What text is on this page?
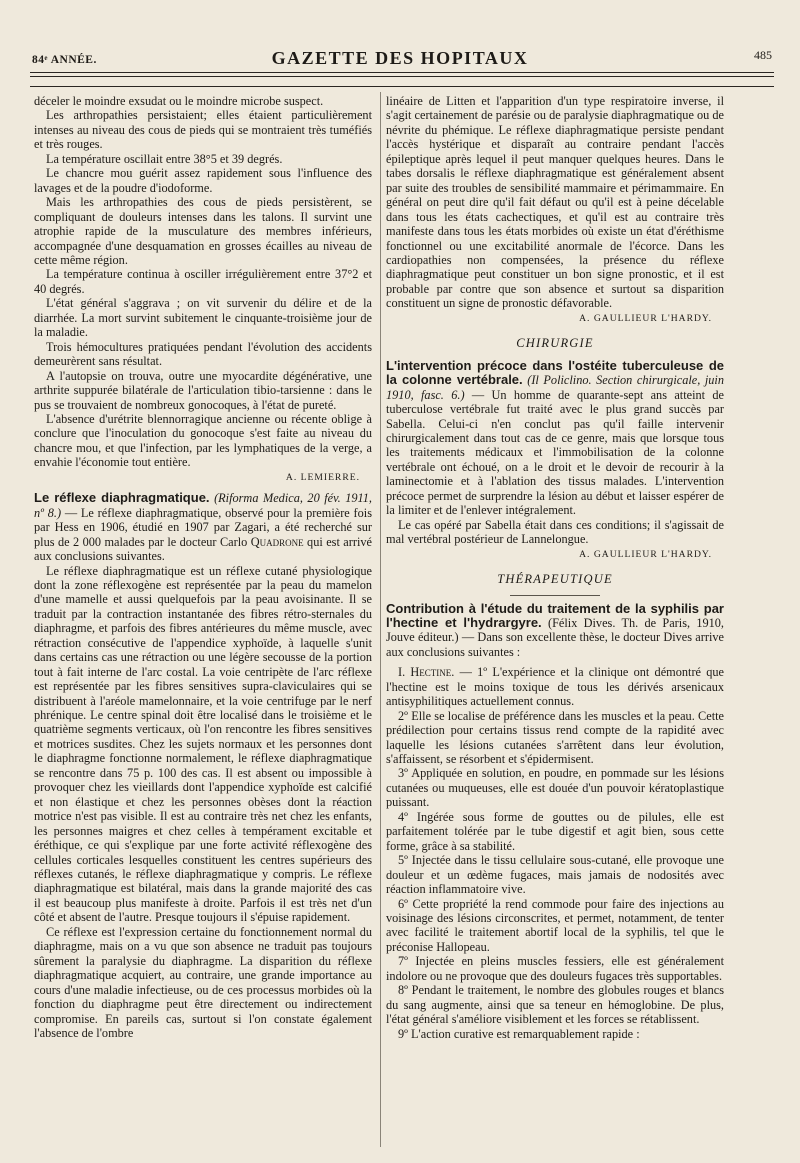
84ᵉ ANNÉE.	GAZETTE DES HOPITAUX	485

déceler le moindre exsudat ou le moindre microbe suspect.

Les arthropathies persistaient; elles étaient particulièrement intenses au niveau des cous de pieds qui se montraient très tuméfiés et très rouges.

La température oscillait entre 38°5 et 39 degrés.

Le chancre mou guérit assez rapidement sous l'influence des lavages et de la poudre d'iodoforme.

Mais les arthropathies des cous de pieds persistèrent, se compliquant de douleurs intenses dans les talons. Il survint une atrophie rapide de la musculature des membres inférieurs, accompagnée d'une desquamation en grosses écailles au niveau de cette même région.

La température continua à osciller irrégulièrement entre 37°2 et 40 degrés.

L'état général s'aggrava ; on vit survenir du délire et de la diarrhée. La mort survint subitement le cinquante-troisième jour de la maladie.

Trois hémocultures pratiquées pendant l'évolution des accidents demeurèrent sans résultat.

A l'autopsie on trouva, outre une myocardite dégénérative, une arthrite suppurée bilatérale de l'articulation tibio-tarsienne : dans le pus se trouvaient de nombreux gonocoques, à l'état de pureté.

L'absence d'urétrite blennorragique ancienne ou récente oblige à conclure que l'inoculation du gonocoque s'est faite au niveau du chancre mou, et que l'infection, par les lymphatiques de la verge, a envahie l'économie tout entière.

A. LEMIERRE.

Le réflexe diaphragmatique. (Riforma Medica, 20 fév. 1911, nº 8.) — Le réflexe diaphragmatique, observé pour la première fois par Hess en 1906, étudié en 1907 par Zagari, a été recherché sur plus de 2 000 malades par le docteur Carlo Quadrone qui est arrivé aux conclusions suivantes.

Le réflexe diaphragmatique est un réflexe cutané physiologique dont la zone réflexogène est représentée par la peau du mamelon d'une mamelle et aussi quelquefois par la peau avoisinante. Il se traduit par la contraction instantanée des fibres rétro-sternales du diaphragme, et parfois des fibres antérieures du même muscle, avec rétraction consécutive de l'appendice xyphoïde, à laquelle s'unit dans certains cas une rétraction ou une légère secousse de la portion tout à fait interne de l'arc costal. La voie centripète de l'arc réflexe est représentée par les fibres sensitives supra-claviculaires qui se distribuent à l'aréole mamelonnaire, et la voie centrifuge par le nerf phrénique. Le centre spinal doit être localisé dans le troisième et le quatrième segments verticaux, où l'on rencontre les fibres sensitives et motrices susdites. Chez les sujets normaux et les personnes dont le diaphragme fonctionne normalement, le réflexe diaphragmatique se rencontre dans 75 p. 100 des cas. Il est absent ou impossible à provoquer chez les vieillards dont l'appendice xyphoïde est calcifié et non élastique et chez les personnes obèses dont la réaction motrice n'est pas visible. Il est au contraire très net chez les enfants, les personnes maigres et chez celles à tempérament excitable et éréthique, ce qui s'explique par une forte activité réflexogène des cellules corticales lesquelles constituent les centres supérieurs des réflexes cutanés, le réflexe diaphragmatique y compris. Le réflexe diaphragmatique est bilatéral, mais dans la grande majorité des cas il est beaucoup plus manifeste à droite. Parfois il est très net d'un côté et absent de l'autre. Presque toujours il s'épuise rapidement.

Ce réflexe est l'expression certaine du fonctionnement normal du diaphragme, mais on a vu que son absence ne traduit pas toujours sûrement la paralysie du diaphragme. La disparition du réflexe diaphragmatique acquiert, au contraire, une grande importance au cours d'une maladie infectieuse, ou de ces processus morbides où la fonction du diaphragme peut être directement ou indirectement compromise. En pareils cas, surtout si l'on constate également l'absence de l'ombre

linéaire de Litten et l'apparition d'un type respiratoire inverse, il s'agit certainement de parésie ou de paralysie diaphragmatique ou de névrite du phémique. Le réflexe diaphragmatique persiste pendant l'accès hystérique et disparaît au contraire pendant l'accès épileptique après lequel il peut manquer quelques heures. Dans le tabes dorsalis le réflexe diaphragmatique est généralement absent par suite des troubles de sensibilité mammaire et périmammaire. En général on peut dire qu'il fait défaut ou qu'il est à peine décelable dans tous les états cachectiques, et qu'il est au contraire très manifeste dans tous les états morbides où existe un état d'éréthisme fonctionnel ou une excitabilité anormale de l'écorce. Dans les cardiopathies non compensées, la présence du réflexe diaphragmatique peut constituer un bon signe pronostic, et il est probable par contre que son absence et surtout sa disparition constituent un signe de pronostic défavorable.

A. GAULLIEUR L'HARDY.
CHIRURGIE

L'intervention précoce dans l'ostéite tuberculeuse de la colonne vertébrale. (Il Policlino. Section chirurgicale, juin 1910, fasc. 6.) — Un homme de quarante-sept ans atteint de tuberculose vertébrale fut traité avec le plus grand succès par Sabella. Celui-ci n'en conclut pas qu'il faille intervenir chirurgicalement dans tout cas de ce genre, mais que lorsque tous les traitements médicaux et l'immobilisation de la colonne vertébrale ont échoué, on a le droit et le devoir de recourir à la laminectomie et à l'ablation des tissus malades. L'intervention précoce permet de surprendre la lésion au début et laisser espérer de la limiter et de l'enlever intégralement.

Le cas opéré par Sabella était dans ces conditions; il s'agissait de mal vertébral postérieur de Lannelongue.

A. GAULLIEUR L'HARDY.
THÉRAPEUTIQUE

Contribution à l'étude du traitement de la syphilis par l'hectine et l'hydrargyre. (Félix Dives. Th. de Paris, 1910, Jouve éditeur.) — Dans son excellente thèse, le docteur Dives arrive aux conclusions suivantes :

I. Hectine. — 1º L'expérience et la clinique ont démontré que l'hectine est le moins toxique de tous les dérivés arsenicaux antisyphilitiques actuellement connus.

2º Elle se localise de préférence dans les muscles et la peau. Cette prédilection pour certains tissus rend compte de la rapidité avec laquelle les lésions cutanées s'arrêtent dans leur évolution, s'affaissent, se résorbent et s'épidermisent.

3º Appliquée en solution, en poudre, en pommade sur les lésions cutanées ou muqueuses, elle est douée d'un pouvoir kératoplastique puissant.

4º Ingérée sous forme de gouttes ou de pilules, elle est parfaitement tolérée par le tube digestif et agit bien, sous cette forme, grâce à sa stabilité.

5º Injectée dans le tissu cellulaire sous-cutané, elle provoque une douleur et un œdème fugaces, mais jamais de nodosités avec réaction inflammatoire vive.

6º Cette propriété la rend commode pour faire des injections au voisinage des lésions circonscrites, et permet, notamment, de tenter avec facilité le traitement abortif local de la syphilis, tel que le préconise Hallopeau.

7º Injectée en pleins muscles fessiers, elle est généralement indolore ou ne provoque que des douleurs fugaces très supportables.

8º Pendant le traitement, le nombre des globules rouges et blancs du sang augmente, ainsi que sa teneur en hémoglobine. De plus, l'état général s'améliore visiblement et les forces se rétablissent.

9º L'action curative est remarquablement rapide :
